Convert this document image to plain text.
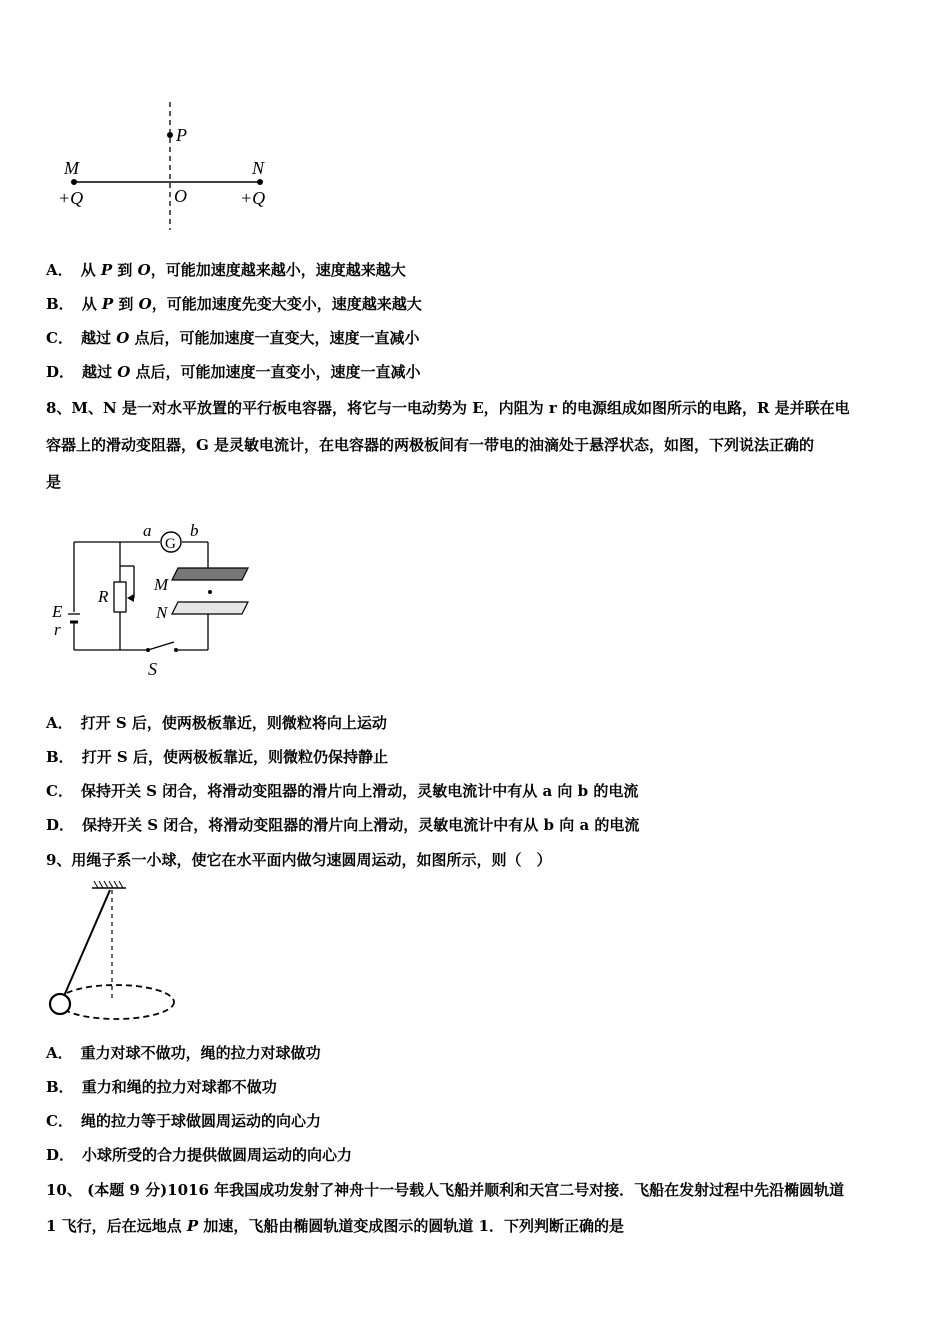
P
M	N
O
+Q	+Q
A． 从 P 到 O，可能加速度越来越小，速度越来越大
B． 从 P 到 O，可能加速度先变大变小，速度越来越大
C． 越过 O 点后，可能加速度一直变大，速度一直减小
D． 越过 O 点后，可能加速度一直变小，速度一直减小
8、M、N 是一对水平放置的平行板电容器，将它与一电动势为 E，内阻为 r 的电源组成如图所示的电路，R 是并联在电
容器上的滑动变阻器，G 是灵敏电流计，在电容器的两极板间有一带电的油滴处于悬浮状态，如图，下列说法正确的
是
G
a b
E
r
S
R
M
N
A． 打开 S 后，使两极板靠近，则微粒将向上运动
B． 打开 S 后，使两极板靠近，则微粒仍保持静止
C． 保持开关 S 闭合，将滑动变阻器的滑片向上滑动，灵敏电流计中有从 a 向 b 的电流
D． 保持开关 S 闭合，将滑动变阻器的滑片向上滑动，灵敏电流计中有从 b 向 a 的电流
9、用绳子系一小球，使它在水平面内做匀速圆周运动，如图所示，则（　）
A． 重力对球不做功，绳的拉力对球做功
B． 重力和绳的拉力对球都不做功
C． 绳的拉力等于球做圆周运动的向心力
D． 小球所受的合力提供做圆周运动的向心力
10、 (本题 9 分)1016 年我国成功发射了神舟十一号载人飞船并顺利和天宫二号对接．飞船在发射过程中先沿椭圆轨道
1 飞行，后在远地点 P 加速，飞船由椭圆轨道变成图示的圆轨道 1．下列判断正确的是
